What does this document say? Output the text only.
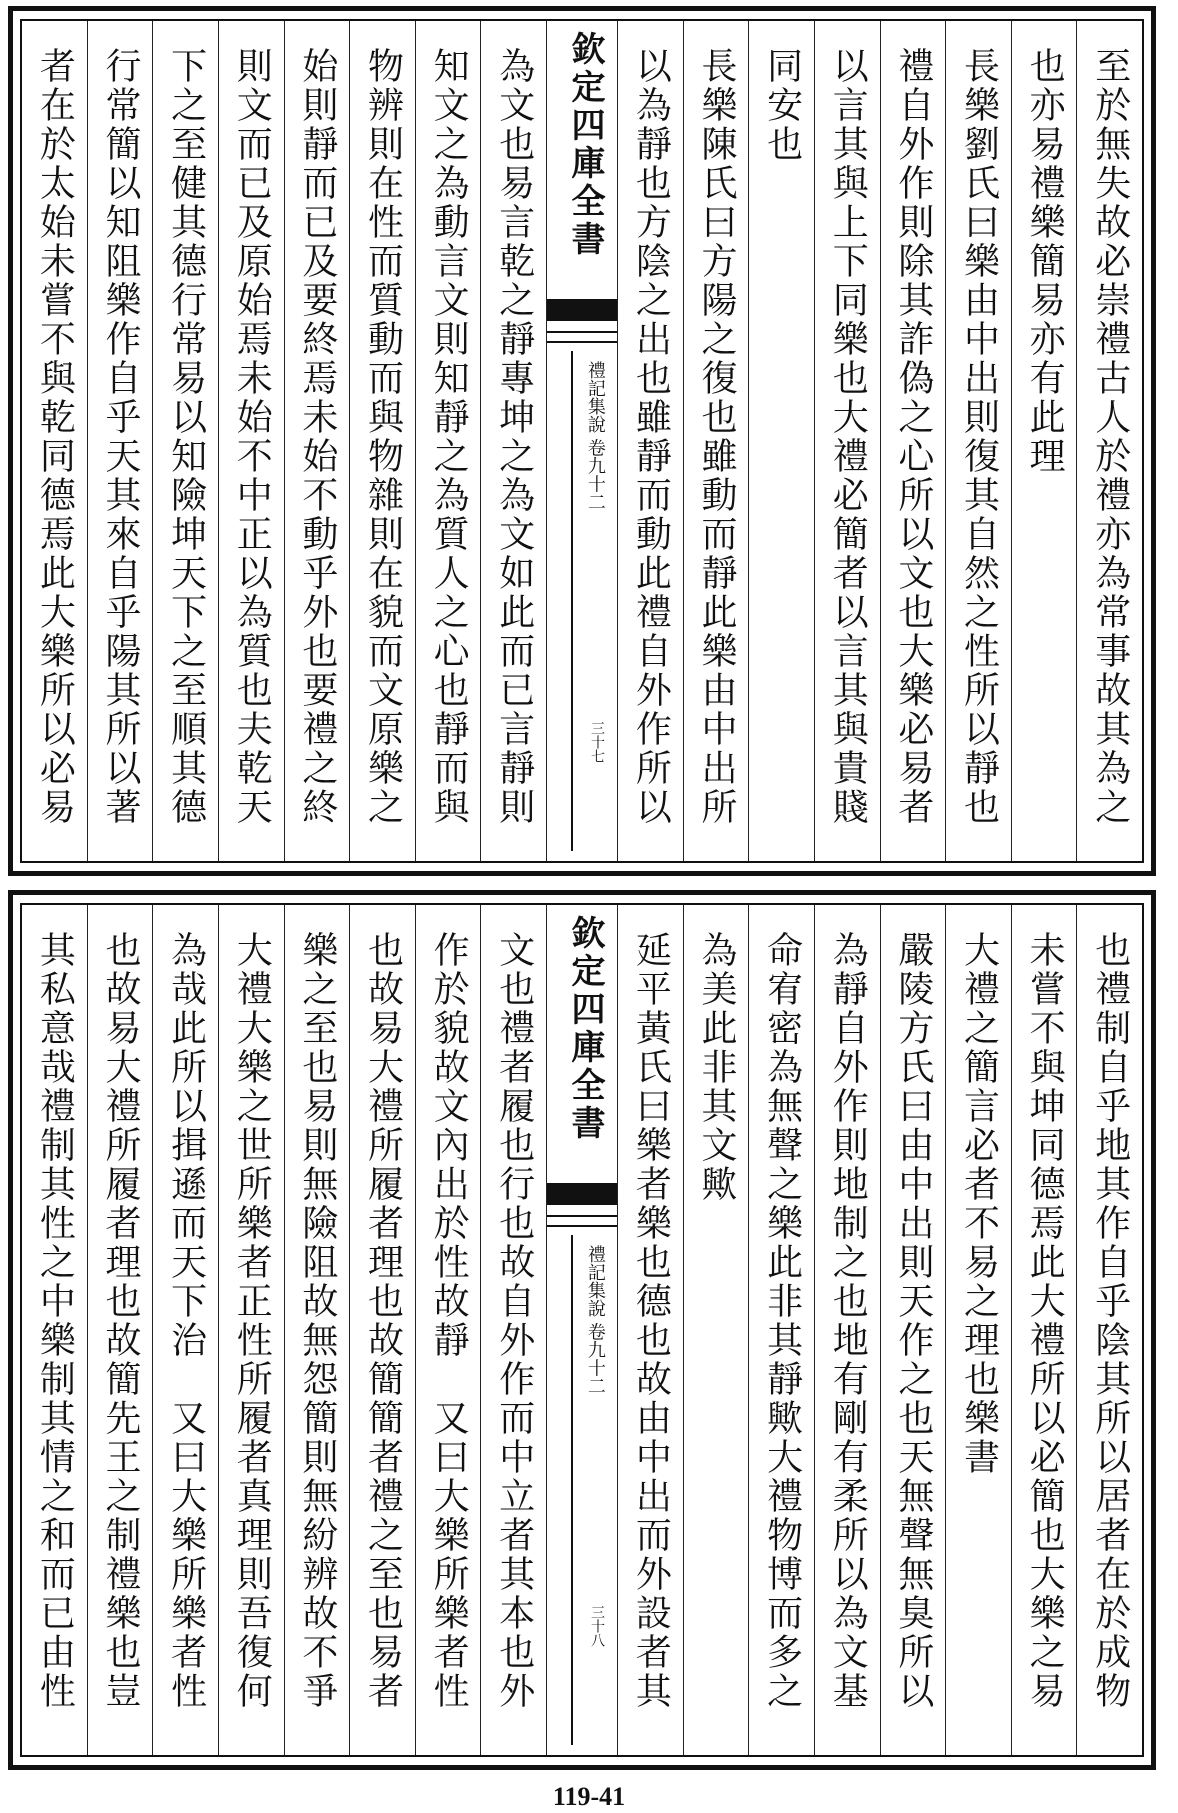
至於無失故必崇禮古人於禮亦為常事故其為之
也亦易禮樂簡易亦有此理
長樂劉氏曰樂由中出則復其自然之性所以靜也
禮自外作則除其詐偽之心所以文也大樂必易者
以言其與上下同樂也大禮必簡者以言其與貴賤
同安也
長樂陳氏曰方陽之復也雖動而靜此樂由中出所
以為靜也方陰之出也雖靜而動此禮自外作所以
欽定四庫全書
禮記集說 卷九十二
三十七
為文也易言乾之靜專坤之為文如此而已言靜則
知文之為動言文則知靜之為質人之心也靜而與
物辨則在性而質動而與物雜則在貌而文原樂之
始則靜而已及要終焉未始不動乎外也要禮之終
則文而已及原始焉未始不中正以為質也夫乾天
下之至健其德行常易以知險坤天下之至順其德
行常簡以知阻樂作自乎天其來自乎陽其所以著
者在於太始未嘗不與乾同德焉此大樂所以必易
也禮制自乎地其作自乎陰其所以居者在於成物
未嘗不與坤同德焉此大禮所以必簡也大樂之易
大禮之簡言必者不易之理也樂書
嚴陵方氏曰由中出則天作之也天無聲無臭所以
為靜自外作則地制之也地有剛有柔所以為文基
命宥密為無聲之樂此非其靜歟大禮物博而多之
為美此非其文歟
延平黃氏曰樂者樂也德也故由中出而外設者其
欽定四庫全書
禮記集說 卷九十二
三十八
文也禮者履也行也故自外作而中立者其本也外
作於貌故文內出於性故靜　又曰大樂所樂者性
也故易大禮所履者理也故簡簡者禮之至也易者
樂之至也易則無險阻故無怨簡則無紛辨故不爭
大禮大樂之世所樂者正性所履者真理則吾復何
為哉此所以揖遜而天下治　又曰大樂所樂者性
也故易大禮所履者理也故簡先王之制禮樂也豈
其私意哉禮制其性之中樂制其情之和而已由性
119-41
